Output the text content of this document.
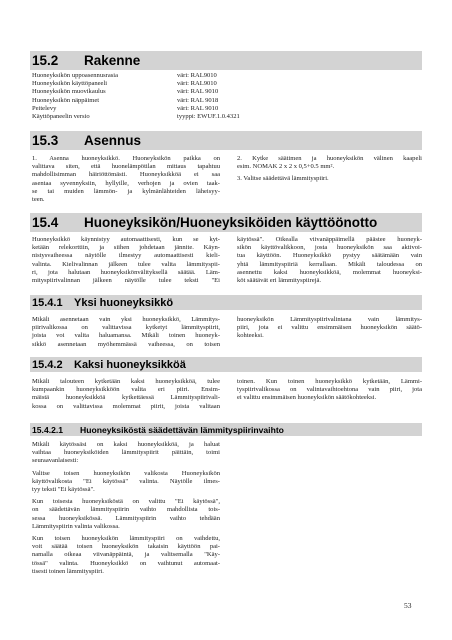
15.2	Rakenne
Huoneyksikön uppoasennusrasia	väri: RAL9010
Huoneyksikön käyttöpaneeli	väri: RAL9010
Huoneyksikön muovikaulus	väri: RAL 9010
Huoneyksikön näppäimet	väri: RAL 9018
Peitelevy	väri: RAL 9010
Käyttöpaneelin versio	tyyppi: EWUF.1.0.4321
15.3	Asennus

1. Asenna huoneyksikkö. Huoneyksikön paikka on

valittava siten, että huonelämpötilan mittaus tapahtuu

mahdollisimman häiriöttömästi. Huoneyksikköä ei saa

asentaa syvennyksiin, hyllyille, verhojen ja ovien taak-

se tai muiden lämmön- ja kylmänlähteiden läheisyy-

teen.

2. Kytke säätimen ja huoneyksikön välinen kaapeli

esim. NOMAK 2 x 2 x 0,5+0.5 mm².

3. Valitse säädettävä lämmityspiiri.

15.4	Huoneyksikön/Huoneyksiköiden käyttöönotto

Huoneyksikkö käynnistyy automaattisesti, kun se kyt-

ketään relekorttiin, ja siihen johdetaan jännite. Käyn-

nistysvaiheessa näytölle ilmestyy automaattisesti kieli-

valinta. Kielivalinnan jälkeen tulee valita lämmityspii-

ri, jota halutaan huoneyksikönvälityksellä säätää. Läm-

mityspiirivalinnan jälkeen näytölle tulee teksti "Ei

käytössä". Oikealla viivanäppäimellä päästee huoneyk-

sikön käyttövalikkoon, josta huoneyksikön saa aktivoi-

tua käyttöön. Huoneyksikkö pystyy säätämään vain

yhtä lämmityspiiriä kerrallaan. Mikäli taloudessa on

asennettu kaksi huoneyksikköä, molemmat huoneyksi-

köt säätävät eri lämmityspiirejä.

15.4.1	Yksi huoneyksikkö

Mikäli asennetaan vain yksi huoneyksikkö, Lämmitys-

piirivalikossa on valittavissa kytketyt lämmityspiirit,

joista voi valita haluamansa. Mikäli toinen huoneyk-

sikkö asennetaan myöhemmässä vaiheessa, on toisen

huoneyksikön Lämmityspiirivalintana vain lämmitys-

piiri, jota ei valittu ensimmäisen huoneyksikön säätö-

kohteeksi.

15.4.2	Kaksi huoneyksikköä

Mikäli talouteen kytketään kaksi huoneyksikköä, tulee

kumpaankin huoneyksikköön valita eri piiri. Ensim-

mäistä huoneyksikköä kytkettäessä Lämmityspiirivali-

kossa on valittavissa molemmat piirit, joista valitaan

toinen. Kun toinen huoneyksikkö kytketään, Lämmi-

tyspiirivalikossa on valintavaihtoehtona vain piiri, jota

ei valittu ensimmäisen huoneyksikön säätökohteeksi.

15.4.2.1	Huoneyksiköstä säädettävän lämmityspiirinvaihto

Mikäli käytössäsi on kaksi huoneyksikköä, ja haluat

vaihtaa huoneyksiköiden lämmityspiirit päittäin, toimi

seuraavanlaisesti:

Valitse toisen huoneyksikön valikosta Huoneyksikön

käyttövalikosta "Ei käytössä" valinta. Näytölle ilmes-

tyy teksti "Ei käytössä".

Kun toisesta huoneyksiköstä on valittu "Ei käytössä",

on säädettävän lämmityspiirin vaihto mahdollista tois-

sessa huoneyksikössä. Lämmityspiirin vaihto tehdään

Lämmityspiirin valinta valikossa.

Kun toisen huoneyksikön lämmityspiiri on vaihdettu,

voit säätää toisen huoneyksikön takaisin käyttöön pai-

namalla oikeaa viivanäppäintä, ja valitsemalla "Käy-

tössä" valinta. Huoneyksikkö on vaihtunut automaat-

tisesti toinen lämmityspiiri.

53
